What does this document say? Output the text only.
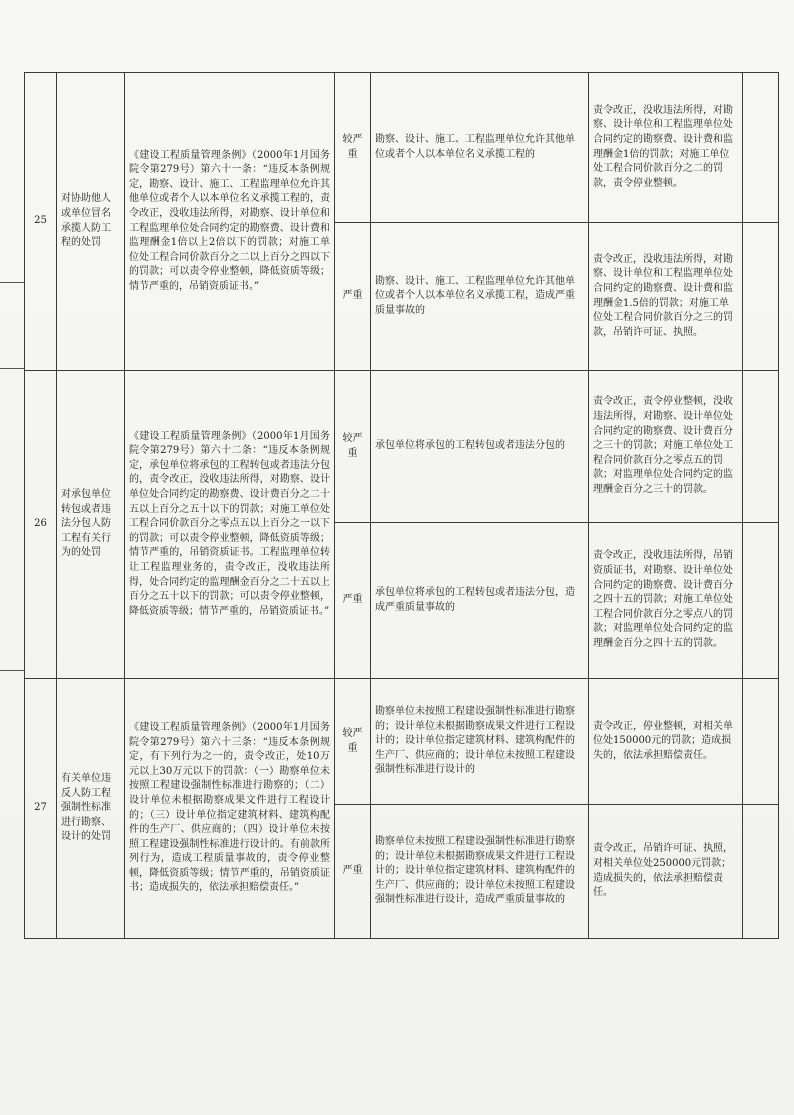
25	对协助他人或单位冒名承揽人防工程的处罚	《建设工程质量管理条例》（2000年1月国务院令第279号）第六十一条：“违反本条例规定，勘察、设计、施工、工程监理单位允许其他单位或者个人以本单位名义承揽工程的，责令改正，没收违法所得，对勘察、设计单位和工程监理单位处合同约定的勘察费、设计费和监理酬金1倍以上2倍以下的罚款；对施工单位处工程合同价款百分之二以上百分之四以下的罚款；可以责令停业整顿，降低资质等级；情节严重的，吊销资质证书。”	较严重	勘察、设计、施工、工程监理单位允许其他单位或者个人以本单位名义承揽工程的	责令改正，没收违法所得，对勘察、设计单位和工程监理单位处合同约定的勘察费、设计费和监理酬金1倍的罚款；对施工单位处工程合同价款百分之二的罚款，责令停业整顿。	
			严重	勘察、设计、施工、工程监理单位允许其他单位或者个人以本单位名义承揽工程，造成严重质量事故的	责令改正，没收违法所得，对勘察、设计单位和工程监理单位处合同约定的勘察费、设计费和监理酬金1.5倍的罚款；对施工单位处工程合同价款百分之三的罚款，吊销许可证、执照。	
26	对承包单位转包或者违法分包人防工程有关行为的处罚	《建设工程质量管理条例》（2000年1月国务院令第279号）第六十二条：“违反本条例规定，承包单位将承包的工程转包或者违法分包的，责令改正，没收违法所得，对勘察、设计单位处合同约定的勘察费、设计费百分之二十五以上百分之五十以下的罚款；对施工单位处工程合同价款百分之零点五以上百分之一以下的罚款；可以责令停业整顿，降低资质等级；情节严重的，吊销资质证书。工程监理单位转让工程监理业务的，责令改正，没收违法所得，处合同约定的监理酬金百分之二十五以上百分之五十以下的罚款；可以责令停业整顿，降低资质等级；情节严重的，吊销资质证书。”	较严重	承包单位将承包的工程转包或者违法分包的	责令改正，责令停业整顿，没收违法所得，对勘察、设计单位处合同约定的勘察费、设计费百分之三十的罚款；对施工单位处工程合同价款百分之零点五的罚款；对监理单位处合同约定的监理酬金百分之三十的罚款。	
			严重	承包单位将承包的工程转包或者违法分包，造成严重质量事故的	责令改正，没收违法所得，吊销资质证书，对勘察、设计单位处合同约定的勘察费、设计费百分之四十五的罚款；对施工单位处工程合同价款百分之零点八的罚款；对监理单位处合同约定的监理酬金百分之四十五的罚款。	
27	有关单位违反人防工程强制性标准进行勘察、设计的处罚	《建设工程质量管理条例》（2000年1月国务院令第279号）第六十三条：“违反本条例规定，有下列行为之一的，责令改正，处10万元以上30万元以下的罚款：（一）勘察单位未按照工程建设强制性标准进行勘察的；（二）设计单位未根据勘察成果文件进行工程设计的；（三）设计单位指定建筑材料、建筑构配件的生产厂、供应商的；（四）设计单位未按照工程建设强制性标准进行设计的。有前款所列行为，造成工程质量事故的，责令停业整顿，降低资质等级；情节严重的，吊销资质证书；造成损失的，依法承担赔偿责任。”	较严重	勘察单位未按照工程建设强制性标准进行勘察的；设计单位未根据勘察成果文件进行工程设计的；设计单位指定建筑材料、建筑构配件的生产厂、供应商的；设计单位未按照工程建设强制性标准进行设计的	责令改正，停业整顿，对相关单位处150000元的罚款；造成损失的，依法承担赔偿责任。	
			严重	勘察单位未按照工程建设强制性标准进行勘察的；设计单位未根据勘察成果文件进行工程设计的；设计单位指定建筑材料、建筑构配件的生产厂、供应商的；设计单位未按照工程建设强制性标准进行设计，造成严重质量事故的	责令改正，吊销许可证、执照，对相关单位处250000元罚款；造成损失的，依法承担赔偿责任。	
